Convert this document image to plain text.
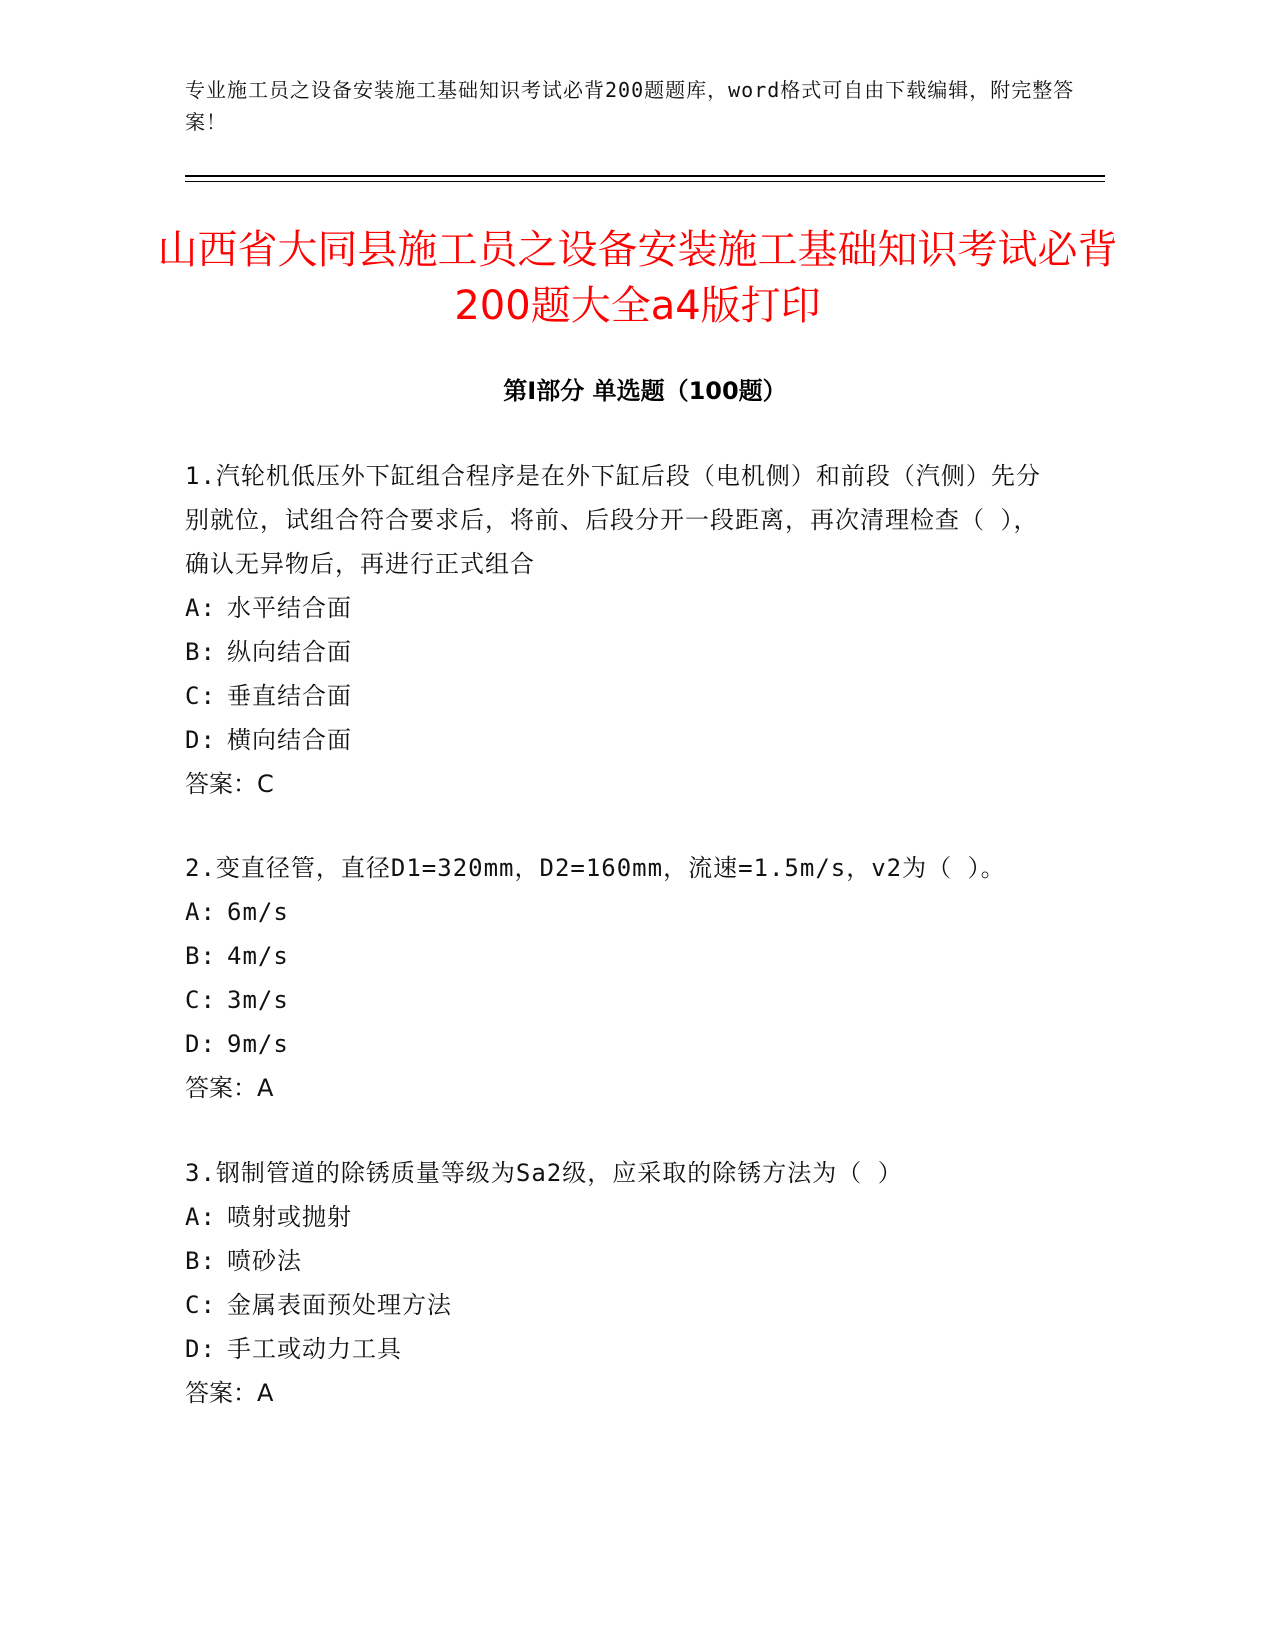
专业施工员之设备安装施工基础知识考试必背200题题库，word格式可自由下载编辑，附完整答案！
山西省大同县施工员之设备安装施工基础知识考试必背200题大全a4版打印
第I部分 单选题（100题）

1.汽轮机低压外下缸组合程序是在外下缸后段（电机侧）和前段（汽侧）先分别就位，试组合符合要求后，将前、后段分开一段距离，再次清理检查（ ），确认无异物后，再进行正式组合

A: 水平结合面

B: 纵向结合面

C: 垂直结合面

D: 横向结合面

答案：C

2.变直径管，直径D1=320mm，D2=160mm，流速=1.5m/s，v2为（ ）。

A: 6m/s

B: 4m/s

C: 3m/s

D: 9m/s

答案：A

3.钢制管道的除锈质量等级为Sa2级，应采取的除锈方法为（ ）

A: 喷射或抛射

B: 喷砂法

C: 金属表面预处理方法

D: 手工或动力工具

答案：A
